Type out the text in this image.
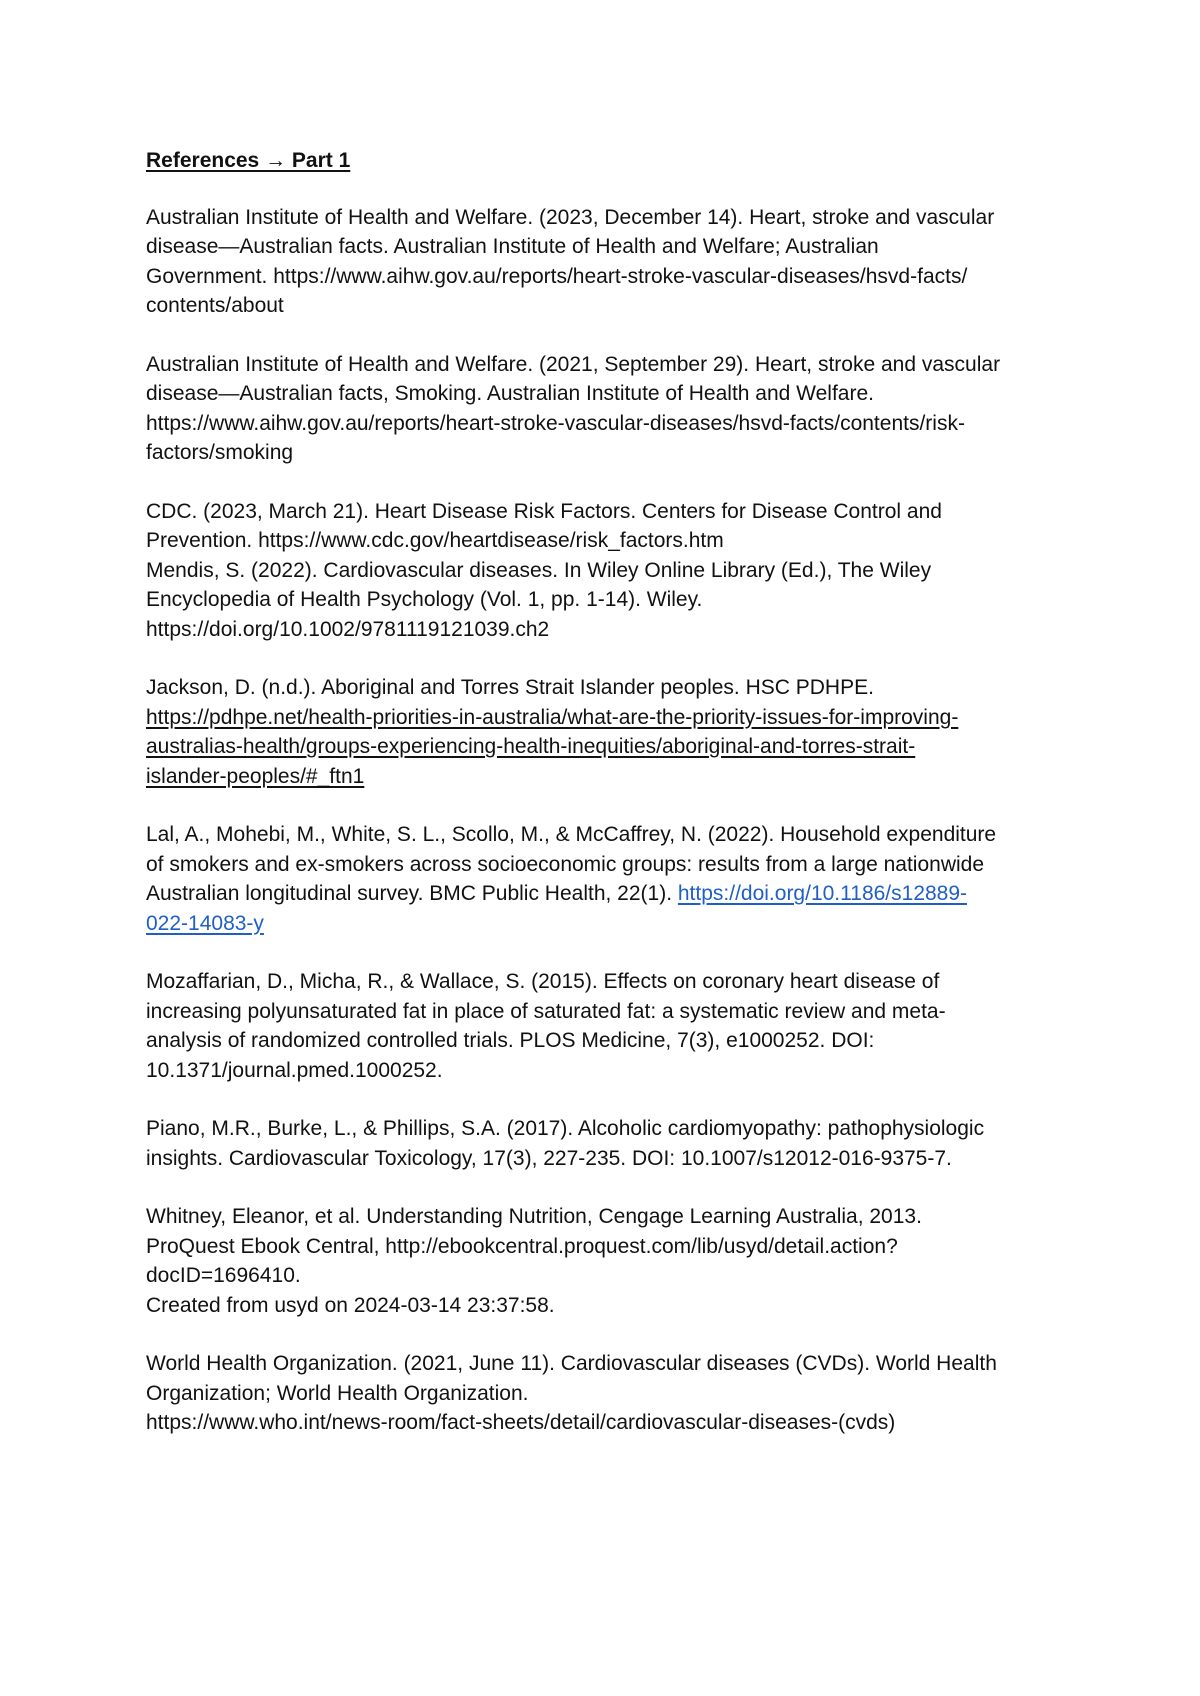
References → Part 1
Australian Institute of Health and Welfare. (2023, December 14). Heart, stroke and vascular
disease—Australian facts. Australian Institute of Health and Welfare; Australian
Government. https://www.aihw.gov.au/reports/heart-stroke-vascular-diseases/hsvd-facts/
contents/about
Australian Institute of Health and Welfare. (2021, September 29). Heart, stroke and vascular
disease—Australian facts, Smoking. Australian Institute of Health and Welfare.
https://www.aihw.gov.au/reports/heart-stroke-vascular-diseases/hsvd-facts/contents/risk-
factors/smoking
CDC. (2023, March 21). Heart Disease Risk Factors. Centers for Disease Control and
Prevention. https://www.cdc.gov/heartdisease/risk_factors.htm
Mendis, S. (2022). Cardiovascular diseases. In Wiley Online Library (Ed.), The Wiley
Encyclopedia of Health Psychology (Vol. 1, pp. 1-14). Wiley.
https://doi.org/10.1002/9781119121039.ch2
Jackson, D. (n.d.). Aboriginal and Torres Strait Islander peoples. HSC PDHPE.
https://pdhpe.net/health-priorities-in-australia/what-are-the-priority-issues-for-improving-
australias-health/groups-experiencing-health-inequities/aboriginal-and-torres-strait-
islander-peoples/#_ftn1
Lal, A., Mohebi, M., White, S. L., Scollo, M., & McCaffrey, N. (2022). Household expenditure
of smokers and ex-smokers across socioeconomic groups: results from a large nationwide
Australian longitudinal survey. BMC Public Health, 22(1). https://doi.org/10.1186/s12889-
022-14083-y
Mozaffarian, D., Micha, R., & Wallace, S. (2015). Effects on coronary heart disease of
increasing polyunsaturated fat in place of saturated fat: a systematic review and meta-
analysis of randomized controlled trials. PLOS Medicine, 7(3), e1000252. DOI:
10.1371/journal.pmed.1000252.
Piano, M.R., Burke, L., & Phillips, S.A. (2017). Alcoholic cardiomyopathy: pathophysiologic
insights. Cardiovascular Toxicology, 17(3), 227-235. DOI: 10.1007/s12012-016-9375-7.
Whitney, Eleanor, et al. Understanding Nutrition, Cengage Learning Australia, 2013.
ProQuest Ebook Central, http://ebookcentral.proquest.com/lib/usyd/detail.action?
docID=1696410.
Created from usyd on 2024-03-14 23:37:58.
World Health Organization. (2021, June 11). Cardiovascular diseases (CVDs). World Health
Organization; World Health Organization.
https://www.who.int/news-room/fact-sheets/detail/cardiovascular-diseases-(cvds)
